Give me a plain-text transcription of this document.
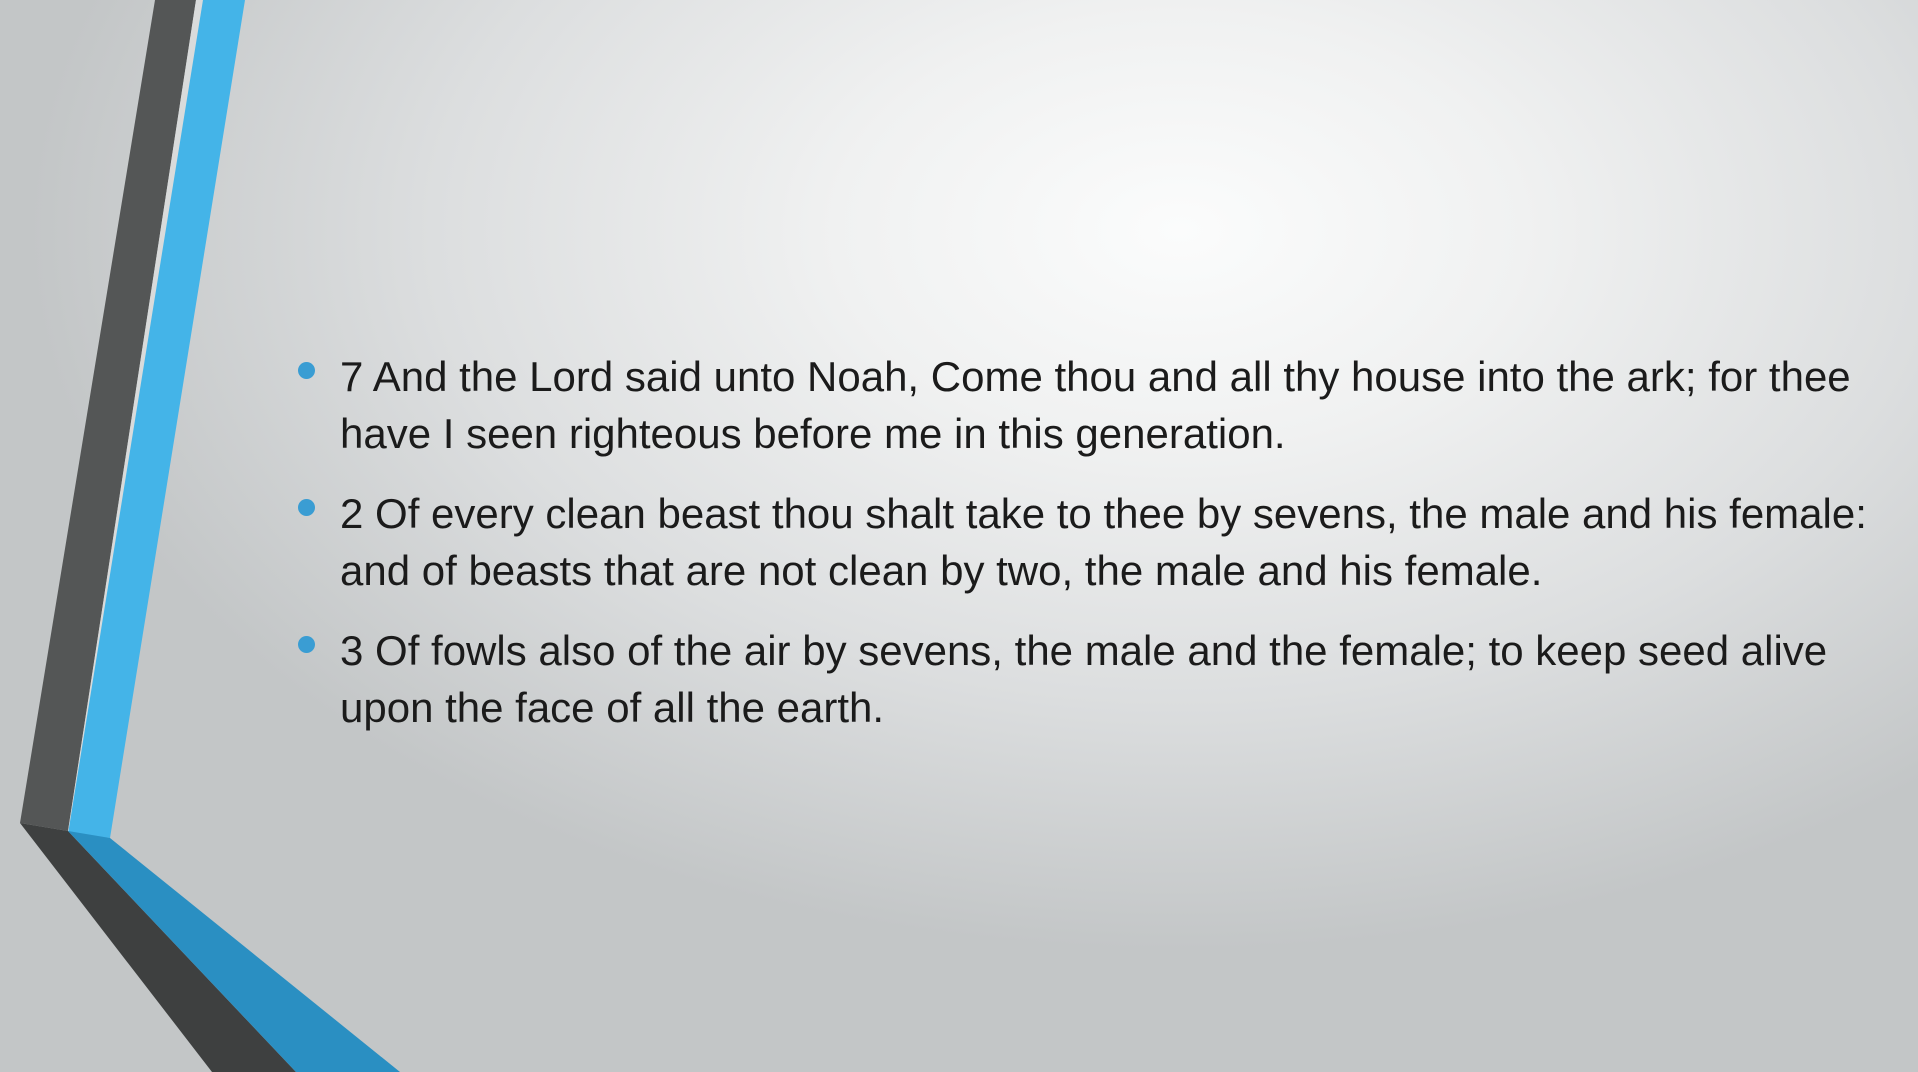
7 And the Lord said unto Noah, Come thou and all thy house into the ark; for thee have I seen righteous before me in this generation.
2 Of every clean beast thou shalt take to thee by sevens, the male and his female: and of beasts that are not clean by two, the male and his female.
3 Of fowls also of the air by sevens, the male and the female; to keep seed alive upon the face of all the earth.
